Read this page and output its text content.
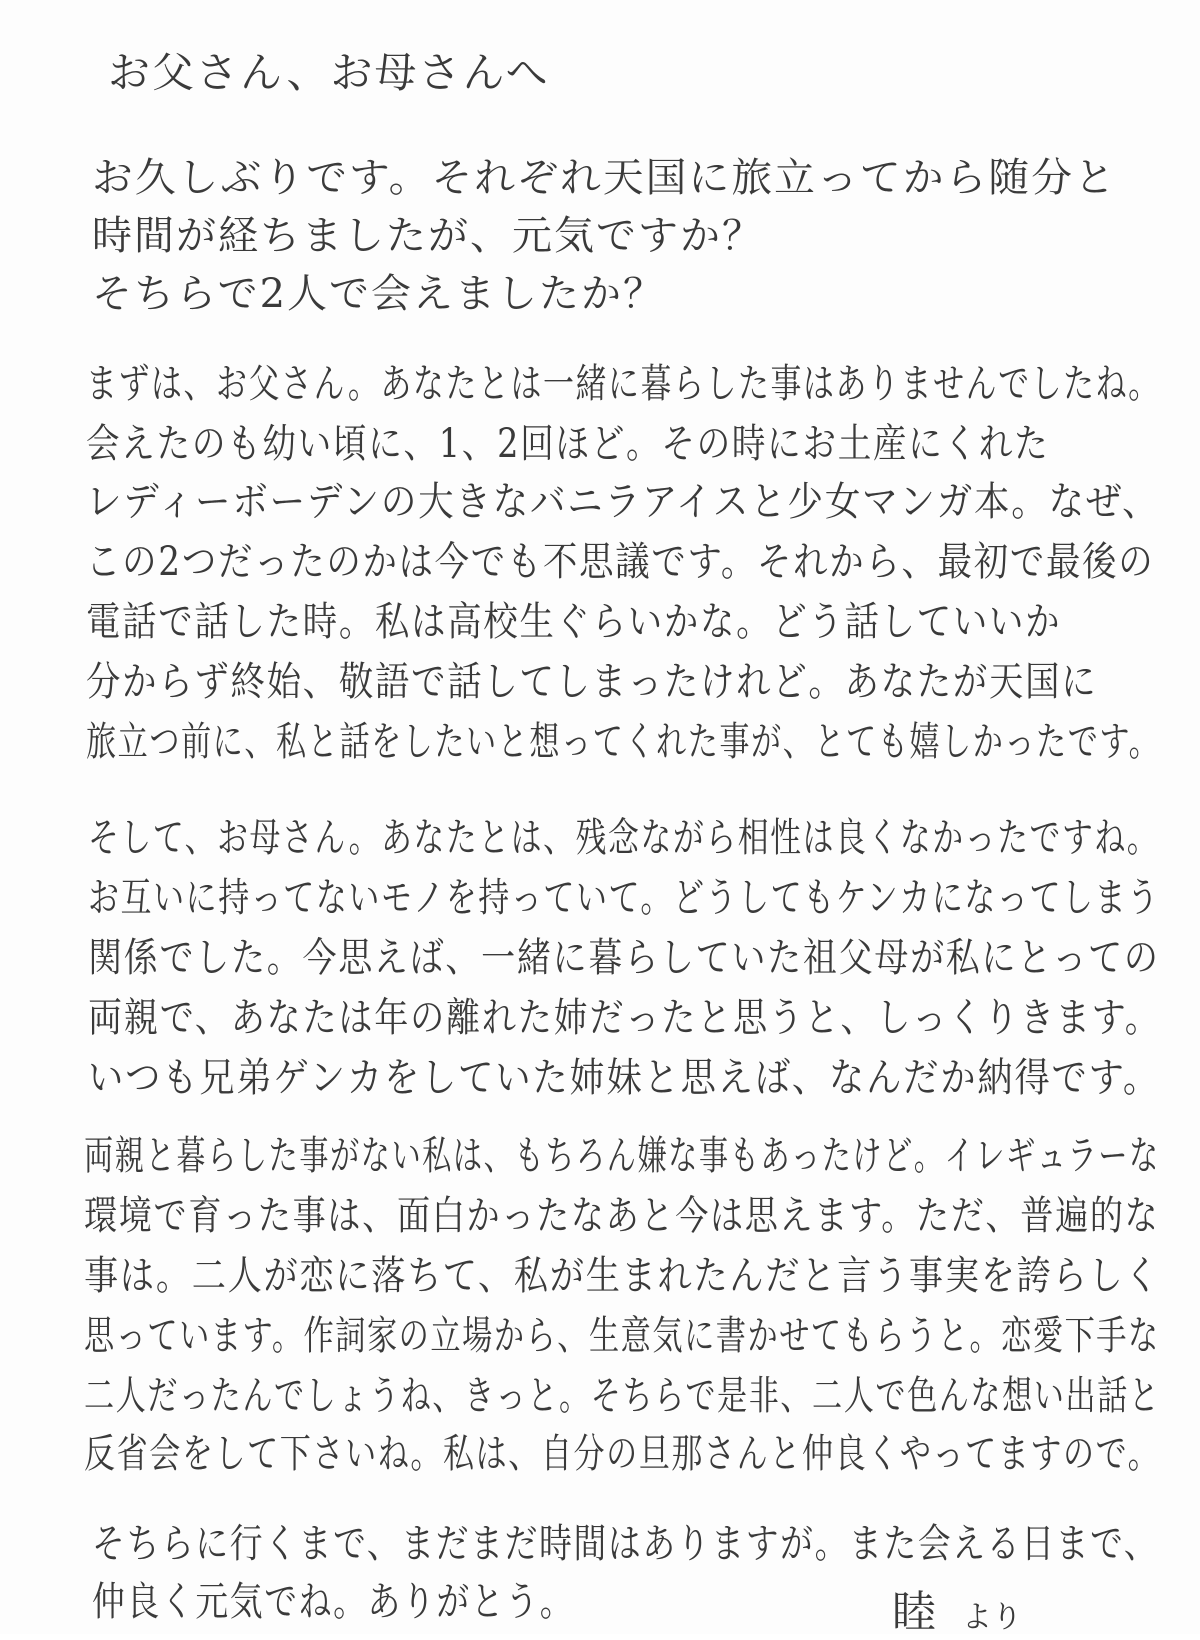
お父さん、お母さんへ
お久しぶりです。それぞれ天国に旅立ってから随分と
時間が経ちましたが、元気ですか？
そちらで2人で会えましたか？
まずは、お父さん。あなたとは一緒に暮らした事はありませんでしたね。
会えたのも幼い頃に、1、2回ほど。その時にお土産にくれた
レディーボーデンの大きなバニラアイスと少女マンガ本。なぜ、
この2つだったのかは今でも不思議です。それから、最初で最後の
電話で話した時。私は高校生ぐらいかな。どう話していいか
分からず終始、敬語で話してしまったけれど。あなたが天国に
旅立つ前に、私と話をしたいと想ってくれた事が、とても嬉しかったです。
そして、お母さん。あなたとは、残念ながら相性は良くなかったですね。
お互いに持ってないモノを持っていて。どうしてもケンカになってしまう
関係でした。今思えば、一緒に暮らしていた祖父母が私にとっての
両親で、あなたは年の離れた姉だったと思うと、しっくりきます。
いつも兄弟ゲンカをしていた姉妹と思えば、なんだか納得です。
両親と暮らした事がない私は、もちろん嫌な事もあったけど。イレギュラーな
環境で育った事は、面白かったなあと今は思えます。ただ、普遍的な
事は。二人が恋に落ちて、私が生まれたんだと言う事実を誇らしく
思っています。作詞家の立場から、生意気に書かせてもらうと。恋愛下手な
二人だったんでしょうね、きっと。そちらで是非、二人で色んな想い出話と
反省会をして下さいね。私は、自分の旦那さんと仲良くやってますので。
そちらに行くまで、まだまだ時間はありますが。また会える日まで、
仲良く元気でね。ありがとう。	睦 より
